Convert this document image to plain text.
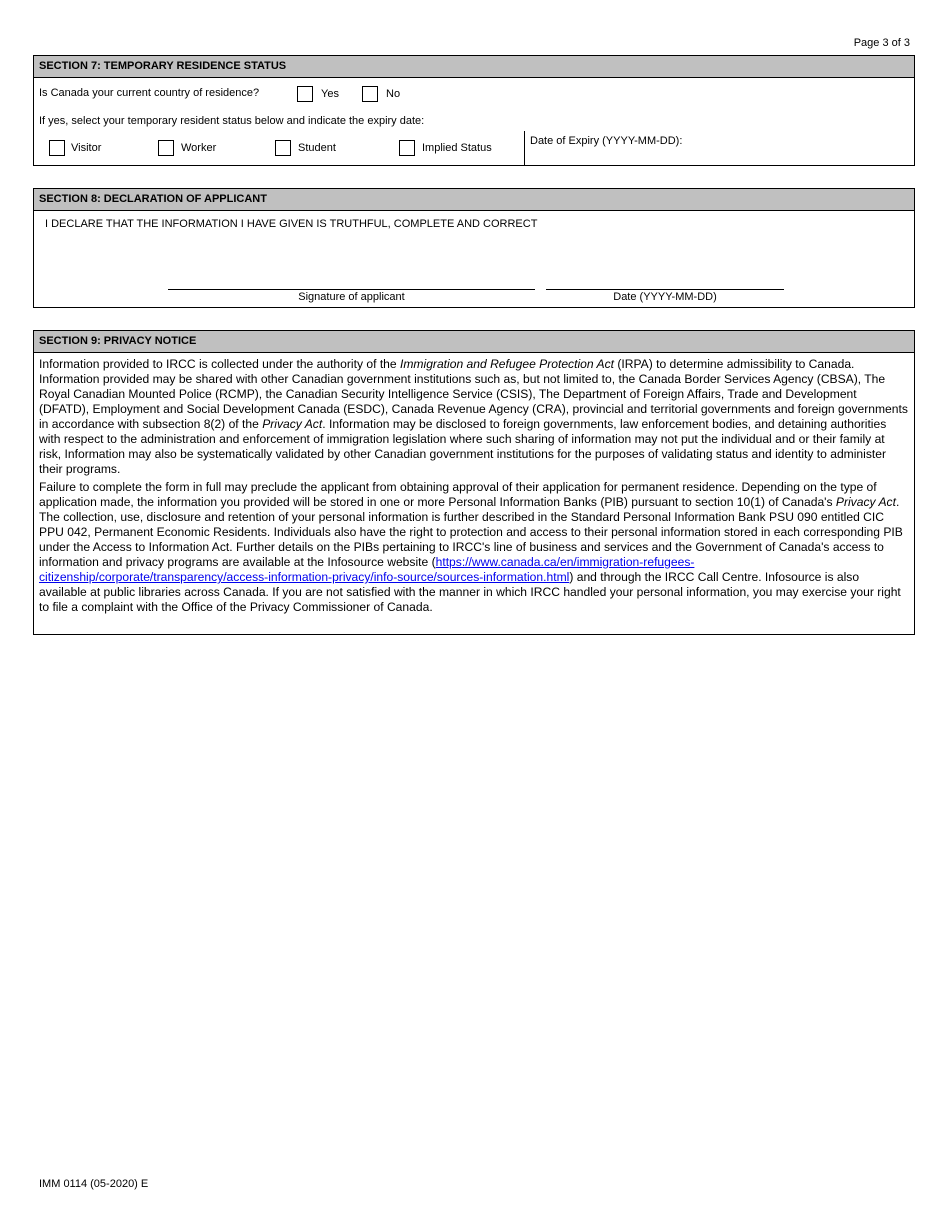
Page 3 of 3
SECTION 7: TEMPORARY RESIDENCE STATUS
Is Canada your current country of residence?	Yes	No
If yes, select your temporary resident status below and indicate the expiry date:
Visitor	Worker	Student	Implied Status
Date of Expiry (YYYY-MM-DD):
SECTION 8: DECLARATION OF APPLICANT
I DECLARE THAT THE INFORMATION I HAVE GIVEN IS TRUTHFUL, COMPLETE AND CORRECT
Signature of applicant	Date (YYYY-MM-DD)
SECTION 9: PRIVACY NOTICE

Information provided to IRCC is collected under the authority of the Immigration and Refugee Protection Act (IRPA) to determine admissibility to Canada. Information provided may be shared with other Canadian government institutions such as, but not limited to, the Canada Border Services Agency (CBSA), The Royal Canadian Mounted Police (RCMP), the Canadian Security Intelligence Service (CSIS), The Department of Foreign Affairs, Trade and Development (DFATD), Employment and Social Development Canada (ESDC), Canada Revenue Agency (CRA), provincial and territorial governments and foreign governments in accordance with subsection 8(2) of the Privacy Act. Information may be disclosed to foreign governments, law enforcement bodies, and detaining authorities with respect to the administration and enforcement of immigration legislation where such sharing of information may not put the individual and or their family at risk, Information may also be systematically validated by other Canadian government institutions for the purposes of validating status and identity to administer their programs.

Failure to complete the form in full may preclude the applicant from obtaining approval of their application for permanent residence. Depending on the type of application made, the information you provided will be stored in one or more Personal Information Banks (PIB) pursuant to section 10(1) of Canada's Privacy Act. The collection, use, disclosure and retention of your personal information is further described in the Standard Personal Information Bank PSU 090 entitled CIC PPU 042, Permanent Economic Residents. Individuals also have the right to protection and access to their personal information stored in each corresponding PIB under the Access to Information Act. Further details on the PIBs pertaining to IRCC's line of business and services and the Government of Canada's access to information and privacy programs are available at the Infosource website (https://www.canada.ca/en/immigration-refugees-citizenship/corporate/transparency/access-information-privacy/info-source/sources-information.html) and through the IRCC Call Centre. Infosource is also available at public libraries across Canada. If you are not satisfied with the manner in which IRCC handled your personal information, you may exercise your right to file a complaint with the Office of the Privacy Commissioner of Canada.

IMM 0114 (05-2020) E
